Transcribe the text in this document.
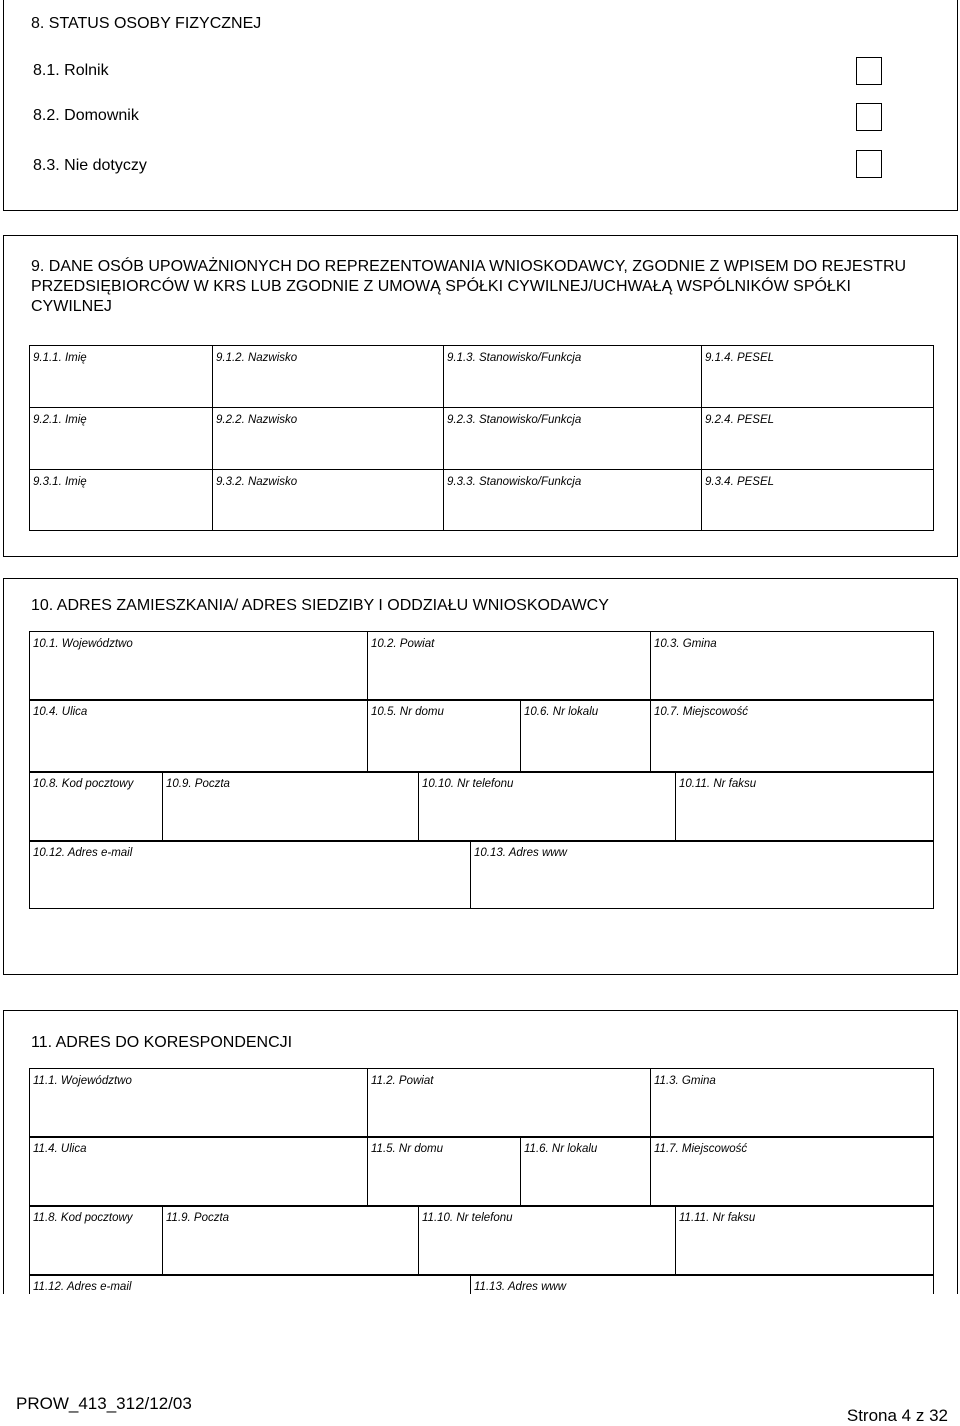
8. STATUS OSOBY FIZYCZNEJ
8.1. Rolnik
8.2. Domownik
8.3. Nie dotyczy
9. DANE OSÓB UPOWAŻNIONYCH DO REPREZENTOWANIA WNIOSKODAWCY, ZGODNIE Z WPISEM DO REJESTRU PRZEDSIĘBIORCÓW W KRS LUB ZGODNIE Z UMOWĄ SPÓŁKI CYWILNEJ/UCHWAŁĄ WSPÓLNIKÓW SPÓŁKI CYWILNEJ
9.1.1. Imię	9.1.2. Nazwisko	9.1.3. Stanowisko/Funkcja	9.1.4. PESEL
9.2.1. Imię	9.2.2. Nazwisko	9.2.3. Stanowisko/Funkcja	9.2.4. PESEL
9.3.1. Imię	9.3.2. Nazwisko	9.3.3. Stanowisko/Funkcja	9.3.4. PESEL
10. ADRES ZAMIESZKANIA/ ADRES SIEDZIBY I ODDZIAŁU WNIOSKODAWCY
10.1. Województwo	10.2. Powiat	10.3. Gmina
10.4. Ulica	10.5. Nr domu	10.6. Nr lokalu	10.7. Miejscowość
10.8. Kod pocztowy	10.9. Poczta	10.10. Nr telefonu	10.11. Nr faksu
10.12. Adres e-mail	10.13. Adres www
11. ADRES DO KORESPONDENCJI
11.1. Województwo	11.2. Powiat	11.3. Gmina
11.4. Ulica	11.5. Nr domu	11.6. Nr lokalu	11.7. Miejscowość
11.8. Kod pocztowy	11.9. Poczta	11.10. Nr telefonu	11.11. Nr faksu
11.12. Adres e-mail	11.13. Adres www
PROW_413_312/12/03
Strona 4 z 32
